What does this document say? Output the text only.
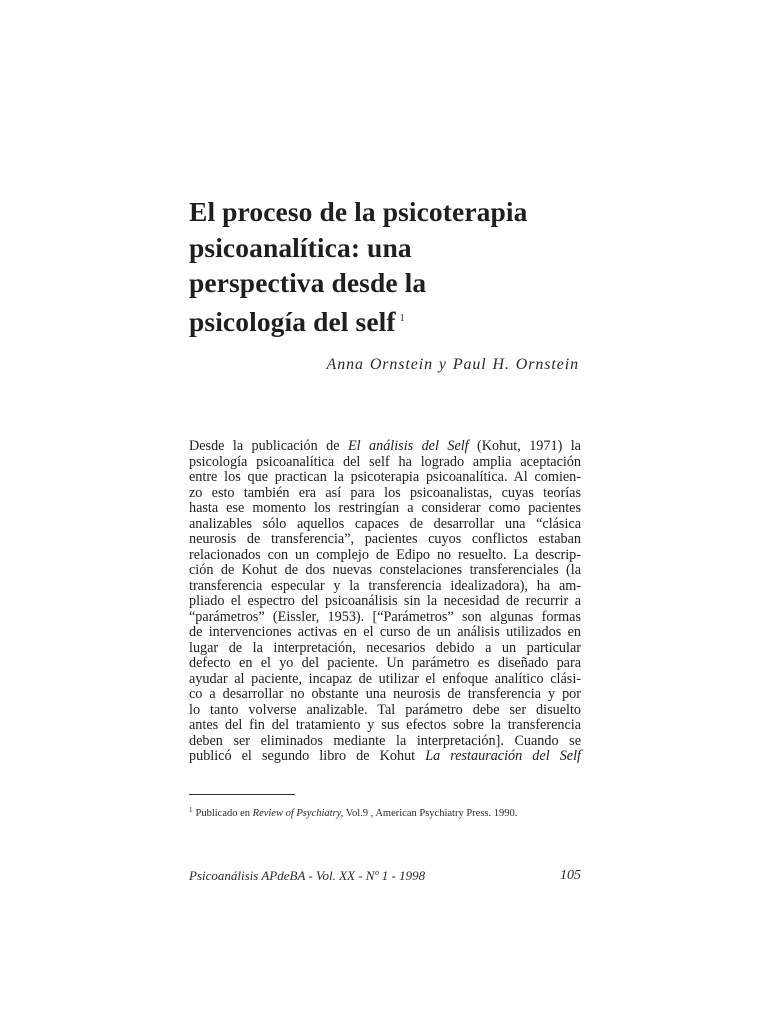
El proceso de la psicoterapia
psicoanalítica: una
perspectiva desde la
psicología del self $^1$
Anna Ornstein y Paul H. Ornstein
Desde la publicación de El análisis del Self (Kohut, 1971) la
psicología psicoanalítica del self ha logrado amplia aceptación
entre los que practican la psicoterapia psicoanalítica. Al comien-
zo esto también era así para los psicoanalistas, cuyas teorías
hasta ese momento los restringían a considerar como pacientes
analizables sólo aquellos capaces de desarrollar una “clásica
neurosis de transferencia”, pacientes cuyos conflictos estaban
relacionados con un complejo de Edipo no resuelto. La descrip-
ción de Kohut de dos nuevas constelaciones transferenciales (la
transferencia especular y la transferencia idealizadora), ha am-
pliado el espectro del psicoanálisis sin la necesidad de recurrir a
“parámetros” (Eissler, 1953). [“Parámetros” son algunas formas
de intervenciones activas en el curso de un análisis utilizados en
lugar de la interpretación, necesarios debido a un particular
defecto en el yo del paciente. Un parámetro es diseñado para
ayudar al paciente, incapaz de utilizar el enfoque analítico clási-
co a desarrollar no obstante una neurosis de transferencia y por
lo tanto volverse analizable. Tal parámetro debe ser disuelto
antes del fin del tratamiento y sus efectos sobre la transferencia
deben ser eliminados mediante la interpretación]. Cuando se
publicó el segundo libro de Kohut La restauración del Self
$^1$ Publicado en Review of Psychiatry, Vol.9 , American Psychiatry Press. 1990.
Psicoanálisis APdeBA - Vol. XX - Nº 1 - 1998	105
